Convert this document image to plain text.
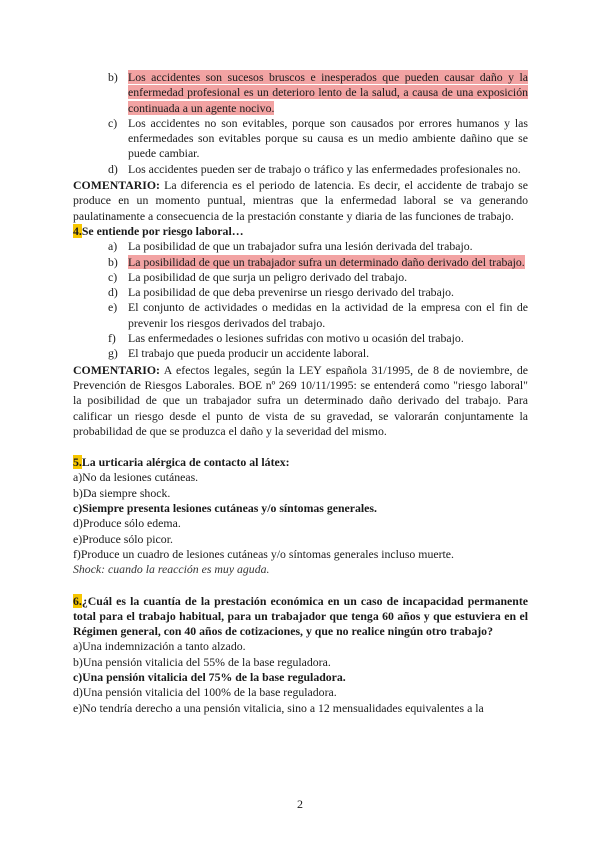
b) Los accidentes son sucesos bruscos e inesperados que pueden causar daño y la enfermedad profesional es un deterioro lento de la salud, a causa de una exposición continuada a un agente nocivo.
c) Los accidentes no son evitables, porque son causados por errores humanos y las enfermedades son evitables porque su causa es un medio ambiente dañino que se puede cambiar.
d) Los accidentes pueden ser de trabajo o tráfico y las enfermedades profesionales no.
COMENTARIO: La diferencia es el periodo de latencia. Es decir, el accidente de trabajo se produce en un momento puntual, mientras que la enfermedad laboral se va generando paulatinamente a consecuencia de la prestación constante y diaria de las funciones de trabajo.
4.Se entiende por riesgo laboral…
a) La posibilidad de que un trabajador sufra una lesión derivada del trabajo.
b) La posibilidad de que un trabajador sufra un determinado daño derivado del trabajo.
c) La posibilidad de que surja un peligro derivado del trabajo.
d) La posibilidad de que deba prevenirse un riesgo derivado del trabajo.
e) El conjunto de actividades o medidas en la actividad de la empresa con el fin de prevenir los riesgos derivados del trabajo.
f)	Las enfermedades o lesiones sufridas con motivo u ocasión del trabajo.
g) El trabajo que pueda producir un accidente laboral.
COMENTARIO: A efectos legales, según la LEY española 31/1995, de 8 de noviembre, de Prevención de Riesgos Laborales. BOE nº 269 10/11/1995: se entenderá como "riesgo laboral" la posibilidad de que un trabajador sufra un determinado daño derivado del trabajo. Para calificar un riesgo desde el punto de vista de su gravedad, se valorarán conjuntamente la probabilidad de que se produzca el daño y la severidad del mismo.
5.La urticaria alérgica de contacto al látex:
a)No da lesiones cutáneas.
b)Da siempre shock.
c)Siempre presenta lesiones cutáneas y/o síntomas generales.
d)Produce sólo edema.
e)Produce sólo picor.
f)Produce un cuadro de lesiones cutáneas y/o síntomas generales incluso muerte.
Shock: cuando la reacción es muy aguda.
6.¿Cuál es la cuantía de la prestación económica en un caso de incapacidad permanente total para el trabajo habitual, para un trabajador que tenga 60 años y que estuviera en el Régimen general, con 40 años de cotizaciones, y que no realice ningún otro trabajo?
a)Una indemnización a tanto alzado.
b)Una pensión vitalicia del 55% de la base reguladora.
c)Una pensión vitalicia del 75% de la base reguladora.
d)Una pensión vitalicia del 100% de la base reguladora.
e)No tendría derecho a una pensión vitalicia, sino a 12 mensualidades equivalentes a la
2
